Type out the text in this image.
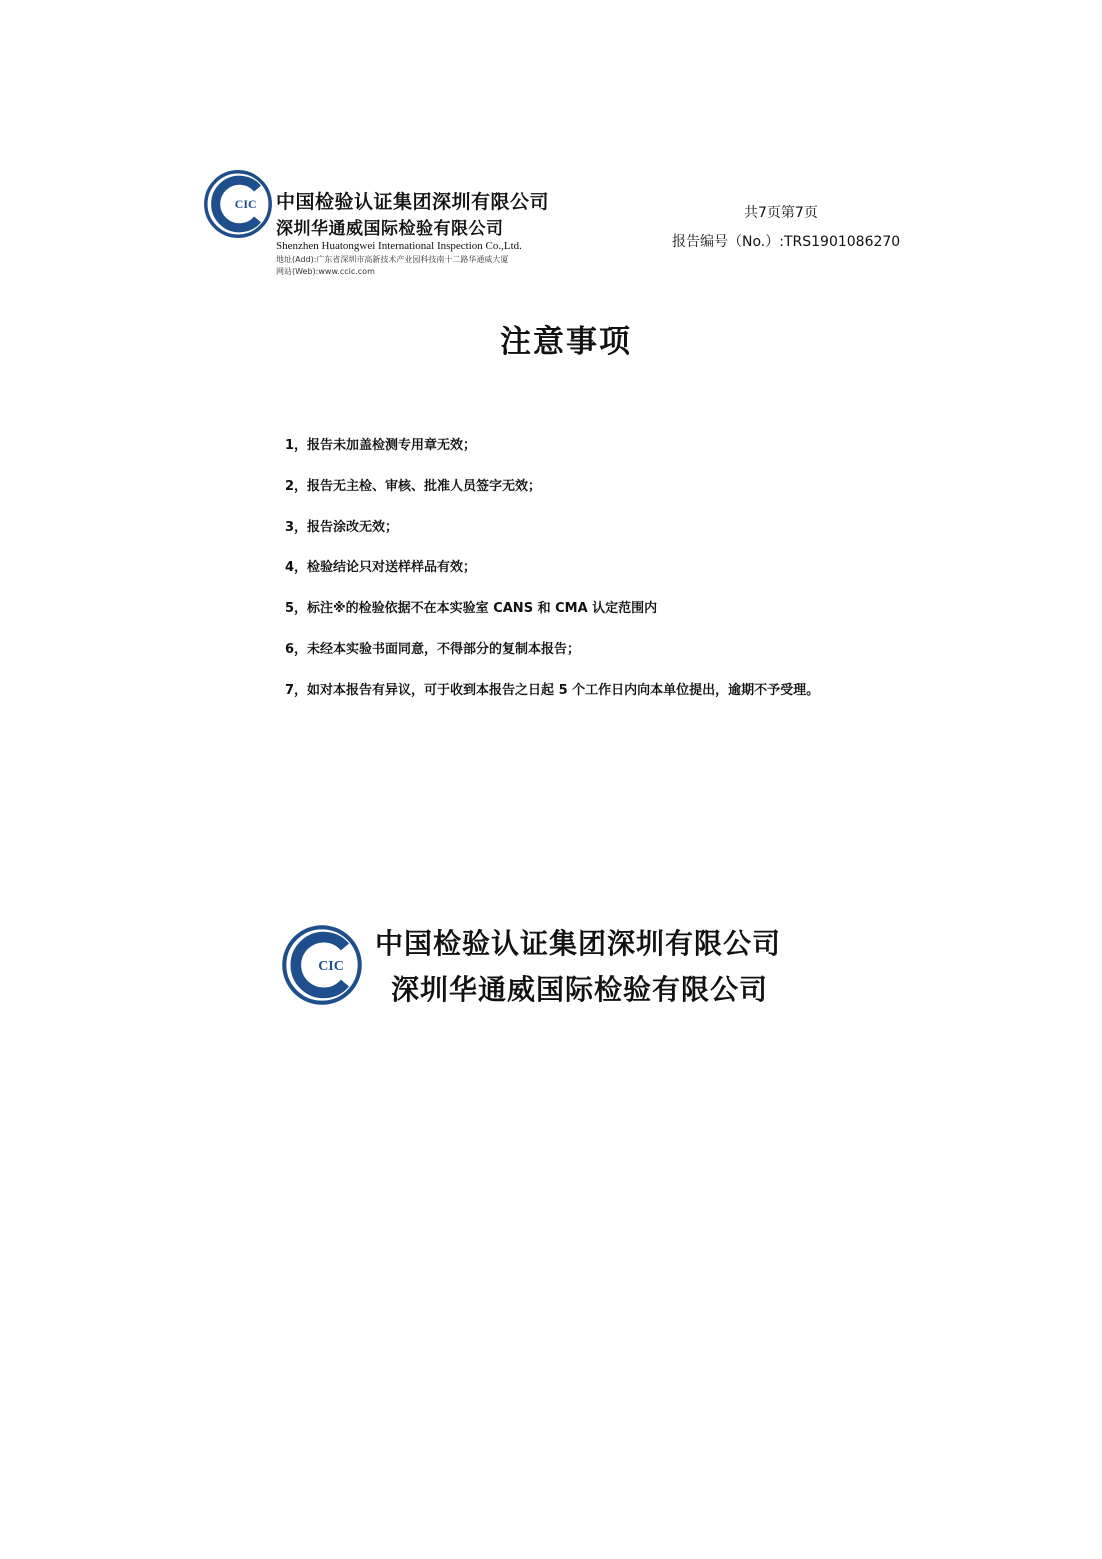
CIC 中国检验认证集团深圳有限公司
深圳华通威国际检验有限公司
Shenzhen Huatongwei International Inspection Co.,Ltd.
地址(Add):广东省深圳市高新技术产业园科技南十二路华通威大厦
网站(Web):www.ccic.com
共7页第7页
报告编号（No.）:TRS1901086270
注意事项
1，报告未加盖检测专用章无效；
2，报告无主检、审核、批准人员签字无效；
3，报告涂改无效；
4，检验结论只对送样样品有效；
5，标注※的检验依据不在本实验室 CANS 和 CMA 认定范围内
6，未经本实验书面同意，不得部分的复制本报告；
7，如对本报告有异议，可于收到本报告之日起 5 个工作日内向本单位提出，逾期不予受理。
CIC
中国检验认证集团深圳有限公司
深圳华通威国际检验有限公司
